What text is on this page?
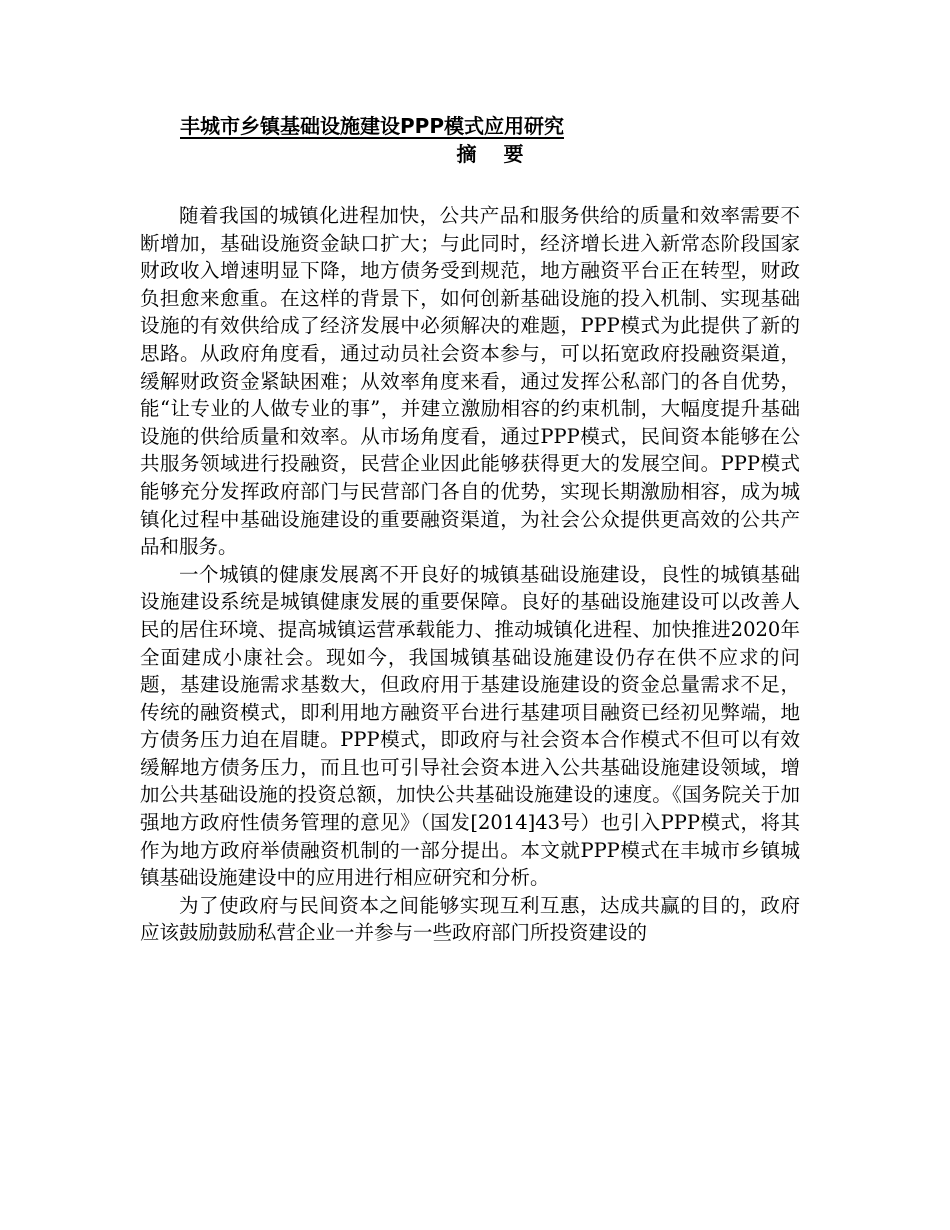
丰城市乡镇基础设施建设PPP模式应用研究
摘 要

随着我国的城镇化进程加快，公共产品和服务供给的质量和效率需要不断增加，基础设施资金缺口扩大；与此同时，经济增长进入新常态阶段国家财政收入增速明显下降，地方债务受到规范，地方融资平台正在转型，财政负担愈来愈重。在这样的背景下，如何创新基础设施的投入机制、实现基础设施的有效供给成了经济发展中必须解决的难题，PPP模式为此提供了新的思路。从政府角度看，通过动员社会资本参与，可以拓宽政府投融资渠道，缓解财政资金紧缺困难；从效率角度来看，通过发挥公私部门的各自优势，能“让专业的人做专业的事”，并建立激励相容的约束机制，大幅度提升基础设施的供给质量和效率。从市场角度看，通过PPP模式，民间资本能够在公共服务领域进行投融资，民营企业因此能够获得更大的发展空间。PPP模式能够充分发挥政府部门与民营部门各自的优势，实现长期激励相容，成为城镇化过程中基础设施建设的重要融资渠道，为社会公众提供更高效的公共产品和服务。

一个城镇的健康发展离不开良好的城镇基础设施建设，良性的城镇基础设施建设系统是城镇健康发展的重要保障。良好的基础设施建设可以改善人民的居住环境、提高城镇运营承载能力、推动城镇化进程、加快推进2020年全面建成小康社会。现如今，我国城镇基础设施建设仍存在供不应求的问题，基建设施需求基数大，但政府用于基建设施建设的资金总量需求不足，传统的融资模式，即利用地方融资平台进行基建项目融资已经初见弊端，地方债务压力迫在眉睫。PPP模式，即政府与社会资本合作模式不但可以有效缓解地方债务压力，而且也可引导社会资本进入公共基础设施建设领域，增加公共基础设施的投资总额，加快公共基础设施建设的速度。《国务院关于加强地方政府性债务管理的意见》（国发[2014]43号）也引入PPP模式，将其作为地方政府举债融资机制的一部分提出。本文就PPP模式在丰城市乡镇城镇基础设施建设中的应用进行相应研究和分析。

为了使政府与民间资本之间能够实现互利互惠，达成共赢的目的，政府应该鼓励鼓励私营企业一并参与一些政府部门所投资建设的
